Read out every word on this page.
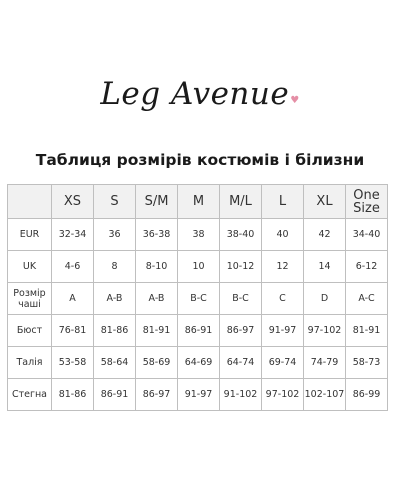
Leg Avenue♥
Таблиця розмірів костюмів і білизни
	XS	S	S/M	M	M/L	L	XL	One Size
EUR	32-34	36	36-38	38	38-40	40	42	34-40
UK	4-6	8	8-10	10	10-12	12	14	6-12
Розмір чашi	A	A-B	A-B	B-C	B-C	C	D	A-C
Бюст	76-81	81-86	81-91	86-91	86-97	91-97	97-102	81-91
Талія	53-58	58-64	58-69	64-69	64-74	69-74	74-79	58-73
Стегна	81-86	86-91	86-97	91-97	91-102	97-102	102-107	86-99
